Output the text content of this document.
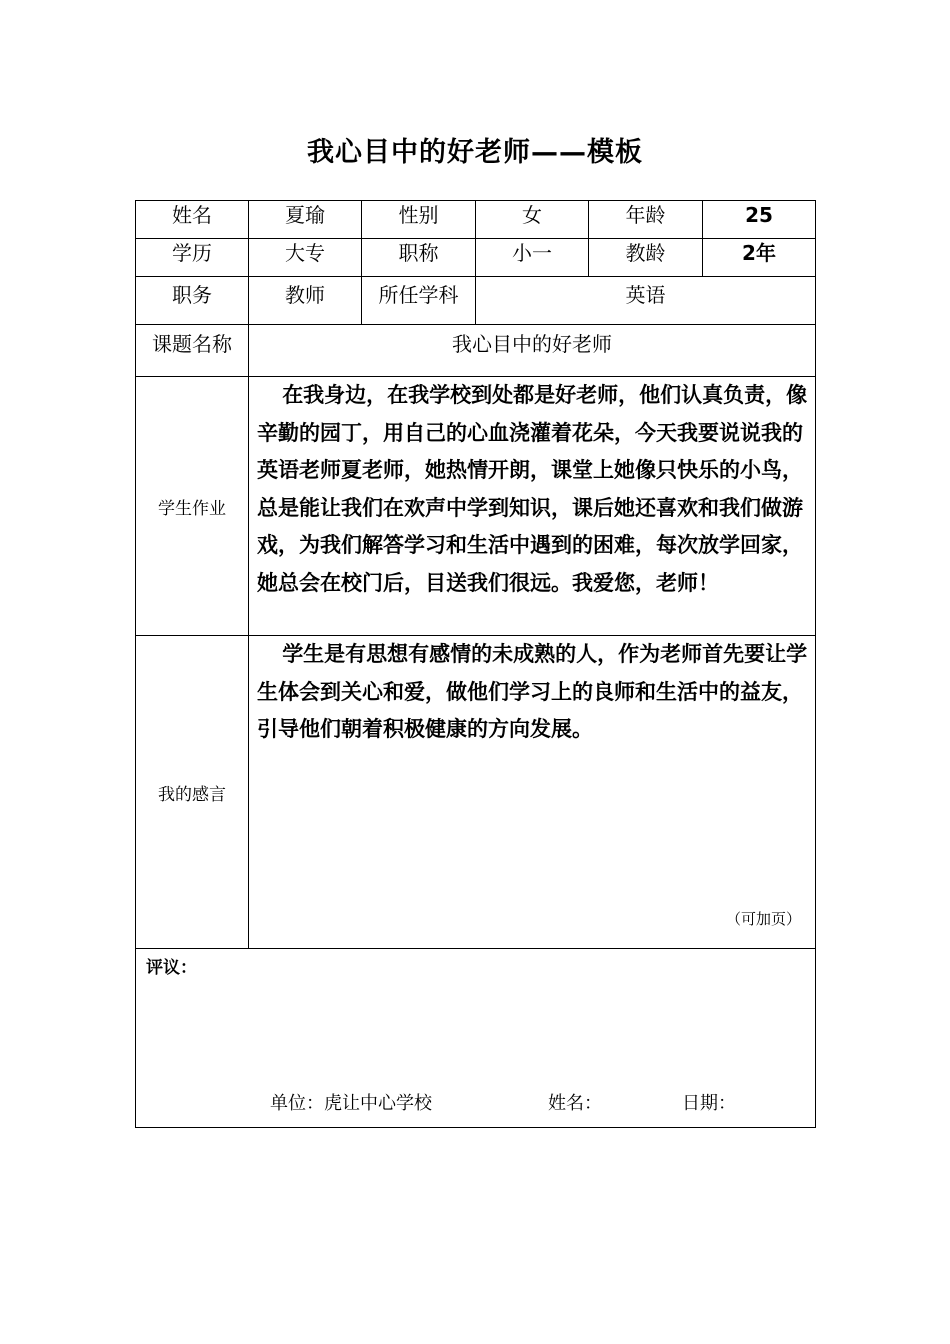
我心目中的好老师——模板
姓名	夏瑜	性别	女	年龄	25
学历	大专	职称	小一	教龄	2年
职务	教师	所任学科	英语		
课题名称	我心目中的好老师				
学生作业	在我身边，在我学校到处都是好老师，他们认真负责，像辛勤的园丁，用自己的心血浇灌着花朵，今天我要说说我的英语老师夏老师，她热情开朗，课堂上她像只快乐的小鸟，总是能让我们在欢声中学到知识，课后她还喜欢和我们做游戏，为我们解答学习和生活中遇到的困难，每次放学回家，她总会在校门后，目送我们很远。我爱您，老师！				

我的感言	学生是有思想有感情的未成熟的人，作为老师首先要让学生体会到关心和爱，做他们学习上的良师和生活中的益友，引导他们朝着积极健康的方向发展。

（可加页）				

评议：
单位：虎让中心学校 姓名： 日期：					
